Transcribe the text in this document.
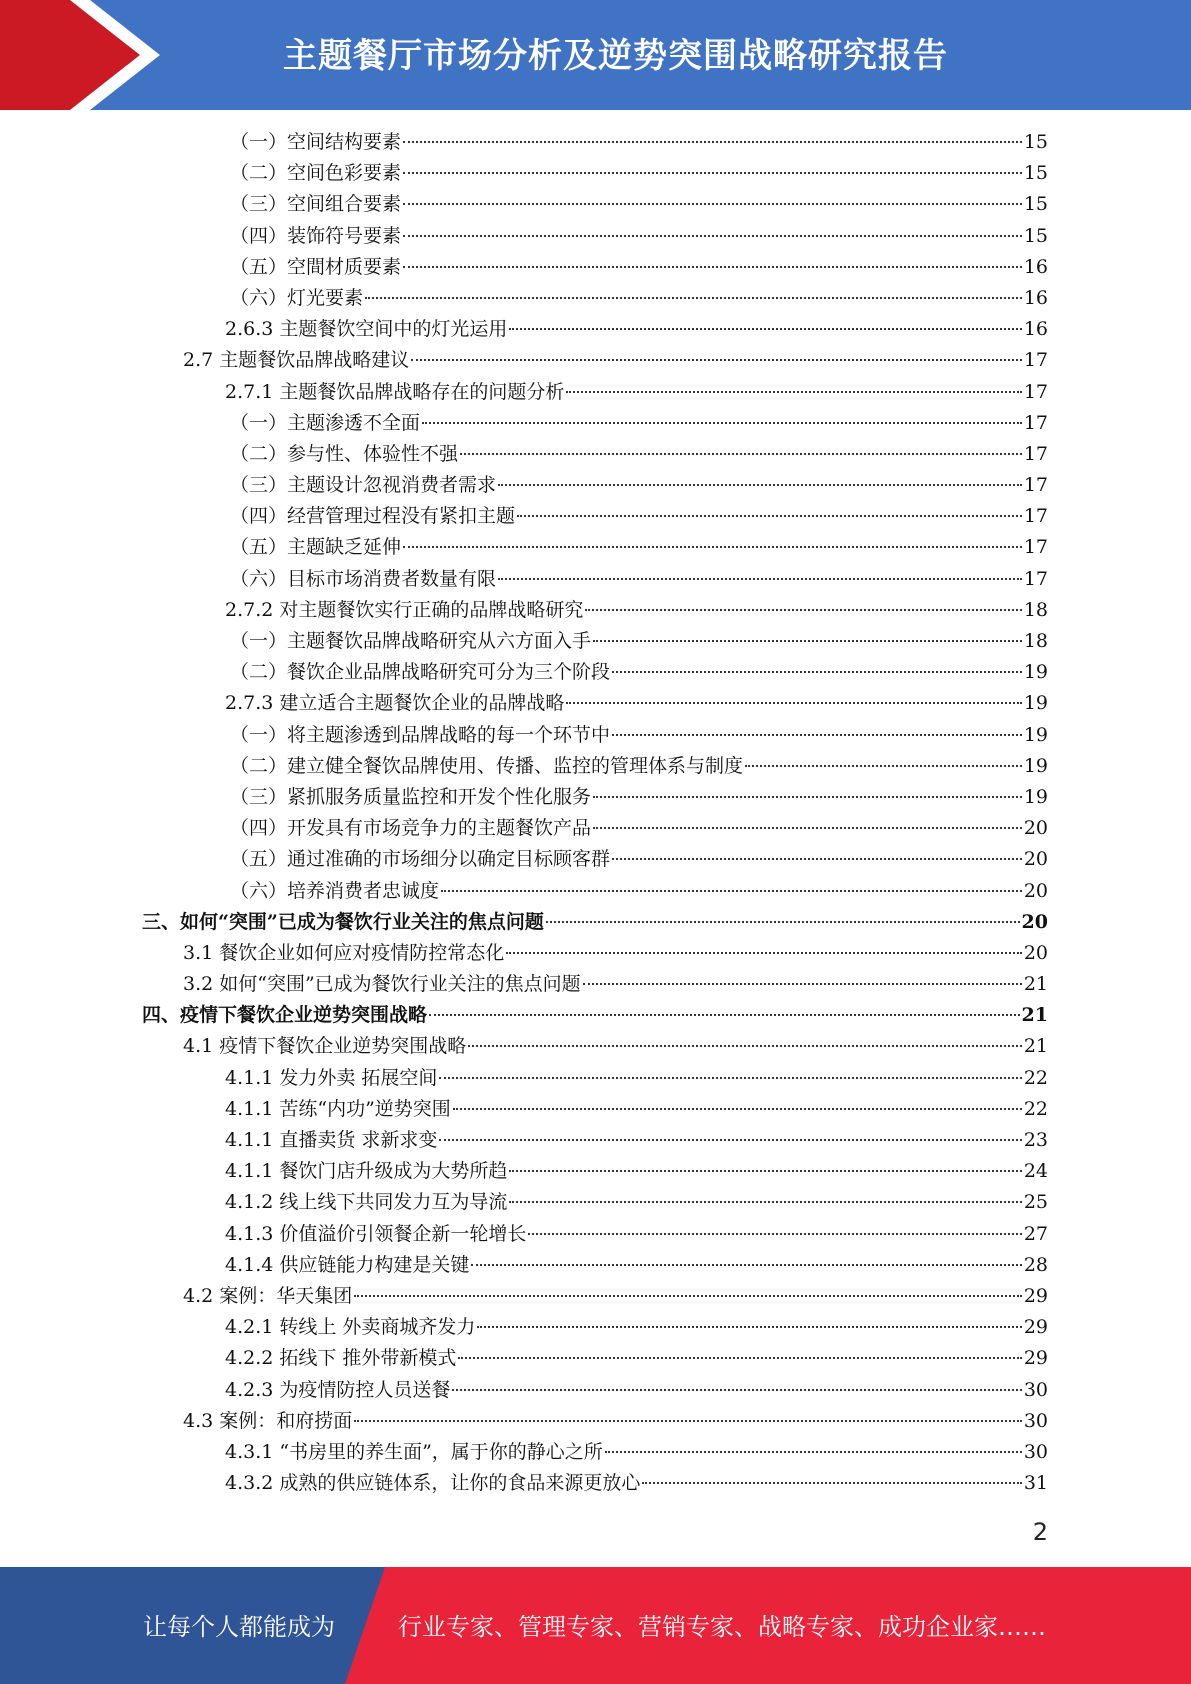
主题餐厅市场分析及逆势突围战略研究报告
（一）空间结构要素	15
（二）空间色彩要素	15
（三）空间组合要素	15
（四）装饰符号要素	15
（五）空間材质要素	16
（六）灯光要素	16
2.6.3 主题餐饮空间中的灯光运用	16
2.7 主题餐饮品牌战略建议	17
2.7.1 主题餐饮品牌战略存在的问题分析	17
（一）主题渗透不全面	17
（二）参与性、体验性不强	17
（三）主题设计忽视消费者需求	17
（四）经营管理过程没有紧扣主题	17
（五）主题缺乏延伸	17
（六）目标市场消费者数量有限	17
2.7.2 对主题餐饮实行正确的品牌战略研究	18
（一）主题餐饮品牌战略研究从六方面入手	18
（二）餐饮企业品牌战略研究可分为三个阶段	19
2.7.3 建立适合主题餐饮企业的品牌战略	19
（一）将主题渗透到品牌战略的每一个环节中	19
（二）建立健全餐饮品牌使用、传播、监控的管理体系与制度	19
（三）紧抓服务质量监控和开发个性化服务	19
（四）开发具有市场竞争力的主题餐饮产品	20
（五）通过准确的市场细分以确定目标顾客群	20
（六）培养消费者忠诚度	20
三、如何“突围”已成为餐饮行业关注的焦点问题	20
3.1 餐饮企业如何应对疫情防控常态化	20
3.2 如何“突围”已成为餐饮行业关注的焦点问题	21
四、疫情下餐饮企业逆势突围战略	21
4.1 疫情下餐饮企业逆势突围战略	21
4.1.1 发力外卖 拓展空间	22
4.1.1 苦练“内功”逆势突围	22
4.1.1 直播卖货 求新求变	23
4.1.1 餐饮门店升级成为大势所趋	24
4.1.2 线上线下共同发力互为导流	25
4.1.3 价值溢价引领餐企新一轮增长	27
4.1.4 供应链能力构建是关键	28
4.2 案例：华天集团	29
4.2.1 转线上 外卖商城齐发力	29
4.2.2 拓线下 推外带新模式	29
4.2.3 为疫情防控人员送餐	30
4.3 案例：和府捞面	30
4.3.1 “书房里的养生面”，属于你的静心之所	30
4.3.2 成熟的供应链体系，让你的食品来源更放心	31
2
让每个人都能成为	行业专家、管理专家、营销专家、战略专家、成功企业家……
